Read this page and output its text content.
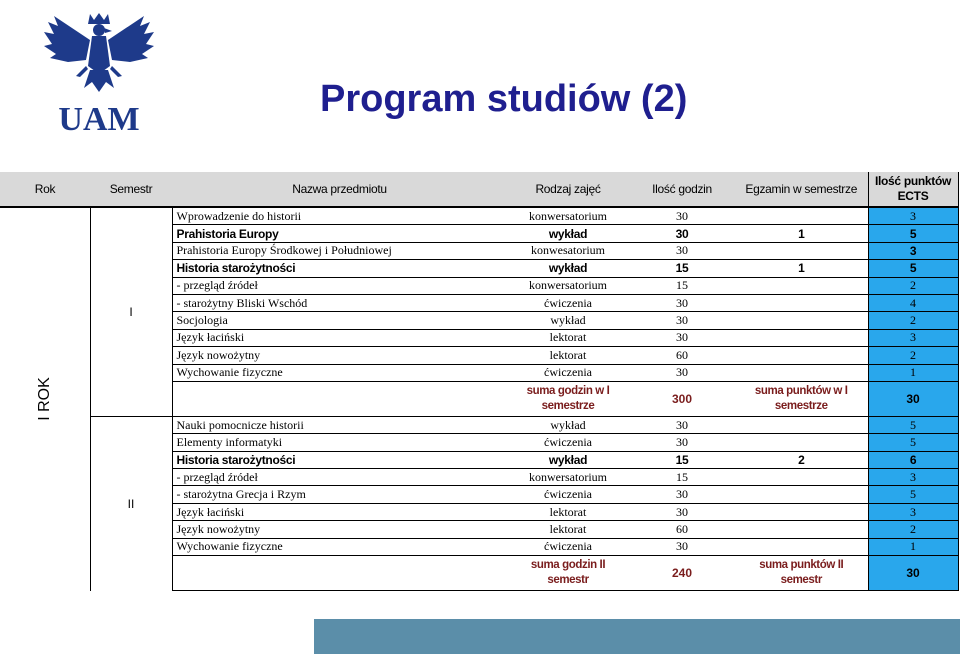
UAM	Program studiów (2)
Rok	Semestr	Nazwa przedmiotu	Rodzaj zajęć	Ilość godzin	Egzamin w semestrze	Ilość punktów ECTS

I ROK	I	Wprowadzenie do historii	konwersatorium	30		3
		Prahistoria Europy	wykład	30	1	5
		Prahistoria Europy Środkowej i Południowej	konwesatorium	30		3
		Historia starożytności	wykład	15	1	5
		- przegląd źródeł	konwersatorium	15		2
		- starożytny Bliski Wschód	ćwiczenia	30		4
		Socjologia	wykład	30		2
		Język łaciński	lektorat	30		3
		Język nowożytny	lektorat	60		2
		Wychowanie fizyczne	ćwiczenia	30		1
			suma godzin w I semestrze	300	suma punktów w I semestrze	30
	II	Nauki pomocnicze historii	wykład	30		5
		Elementy informatyki	ćwiczenia	30		5
		Historia starożytności	wykład	15	2	6
		- przegląd źródeł	konwersatorium	15		3
		- starożytna Grecja i Rzym	ćwiczenia	30		5
		Język łaciński	lektorat	30		3
		Język nowożytny	lektorat	60		2
		Wychowanie fizyczne	ćwiczenia	30		1
			suma godzin II semestr	240	suma punktów II semestr	30
